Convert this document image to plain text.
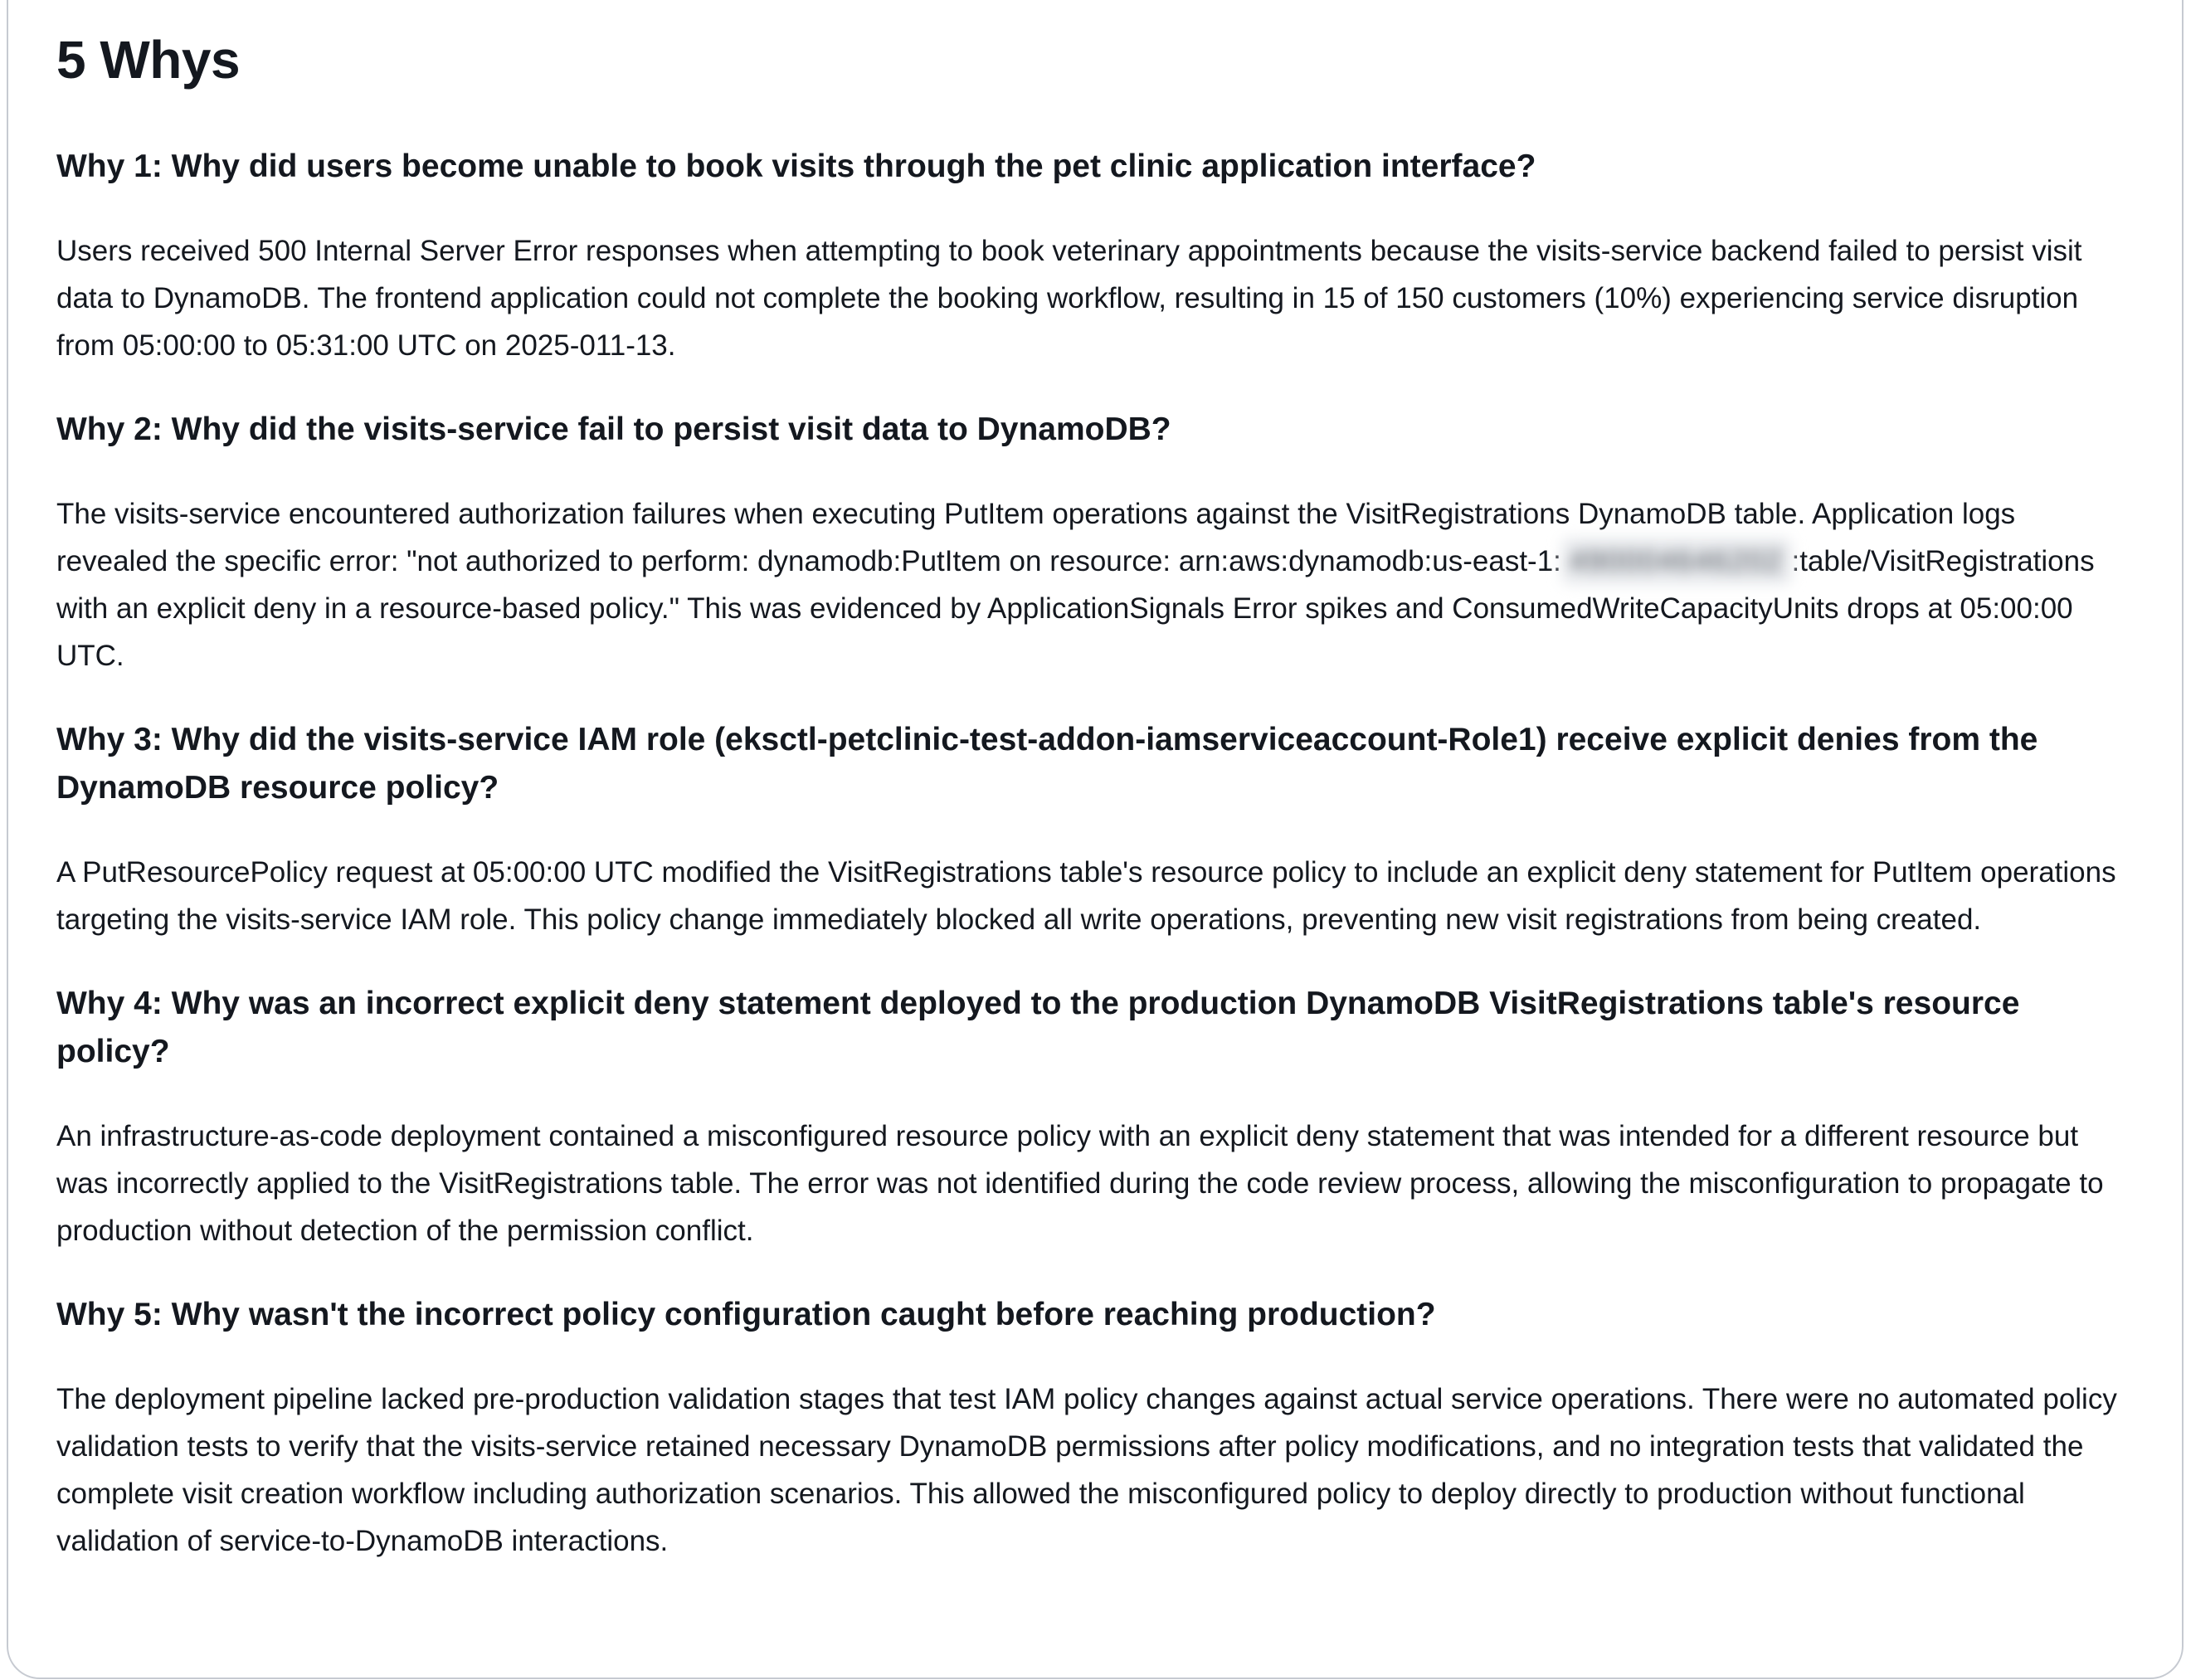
5 Whys
Why 1: Why did users become unable to book visits through the pet clinic application interface?

Users received 500 Internal Server Error responses when attempting to book veterinary appointments because the visits-service backend failed to persist visit data to DynamoDB. The frontend application could not complete the booking workflow, resulting in 15 of 150 customers (10%) experiencing service disruption from 05:00:00 to 05:31:00 UTC on 2025-011-13.

Why 2: Why did the visits-service fail to persist visit data to DynamoDB?

The visits-service encountered authorization failures when executing PutItem operations against the VisitRegistrations DynamoDB table. Application logs revealed the specific error: "not authorized to perform: dynamodb:PutItem on resource: arn:aws:dynamodb:us-east-1: 490004646202 :table/VisitRegistrations with an explicit deny in a resource-based policy." This was evidenced by ApplicationSignals Error spikes and ConsumedWriteCapacityUnits drops at 05:00:00 UTC.

Why 3: Why did the visits-service IAM role (eksctl-petclinic-test-addon-iamserviceaccount-Role1) receive explicit denies from the DynamoDB resource policy?

A PutResourcePolicy request at 05:00:00 UTC modified the VisitRegistrations table's resource policy to include an explicit deny statement for PutItem operations targeting the visits-service IAM role. This policy change immediately blocked all write operations, preventing new visit registrations from being created.

Why 4: Why was an incorrect explicit deny statement deployed to the production DynamoDB VisitRegistrations table's resource policy?

An infrastructure-as-code deployment contained a misconfigured resource policy with an explicit deny statement that was intended for a different resource but was incorrectly applied to the VisitRegistrations table. The error was not identified during the code review process, allowing the misconfiguration to propagate to production without detection of the permission conflict.

Why 5: Why wasn't the incorrect policy configuration caught before reaching production?

The deployment pipeline lacked pre-production validation stages that test IAM policy changes against actual service operations. There were no automated policy validation tests to verify that the visits-service retained necessary DynamoDB permissions after policy modifications, and no integration tests that validated the complete visit creation workflow including authorization scenarios. This allowed the misconfigured policy to deploy directly to production without functional validation of service-to-DynamoDB interactions.
